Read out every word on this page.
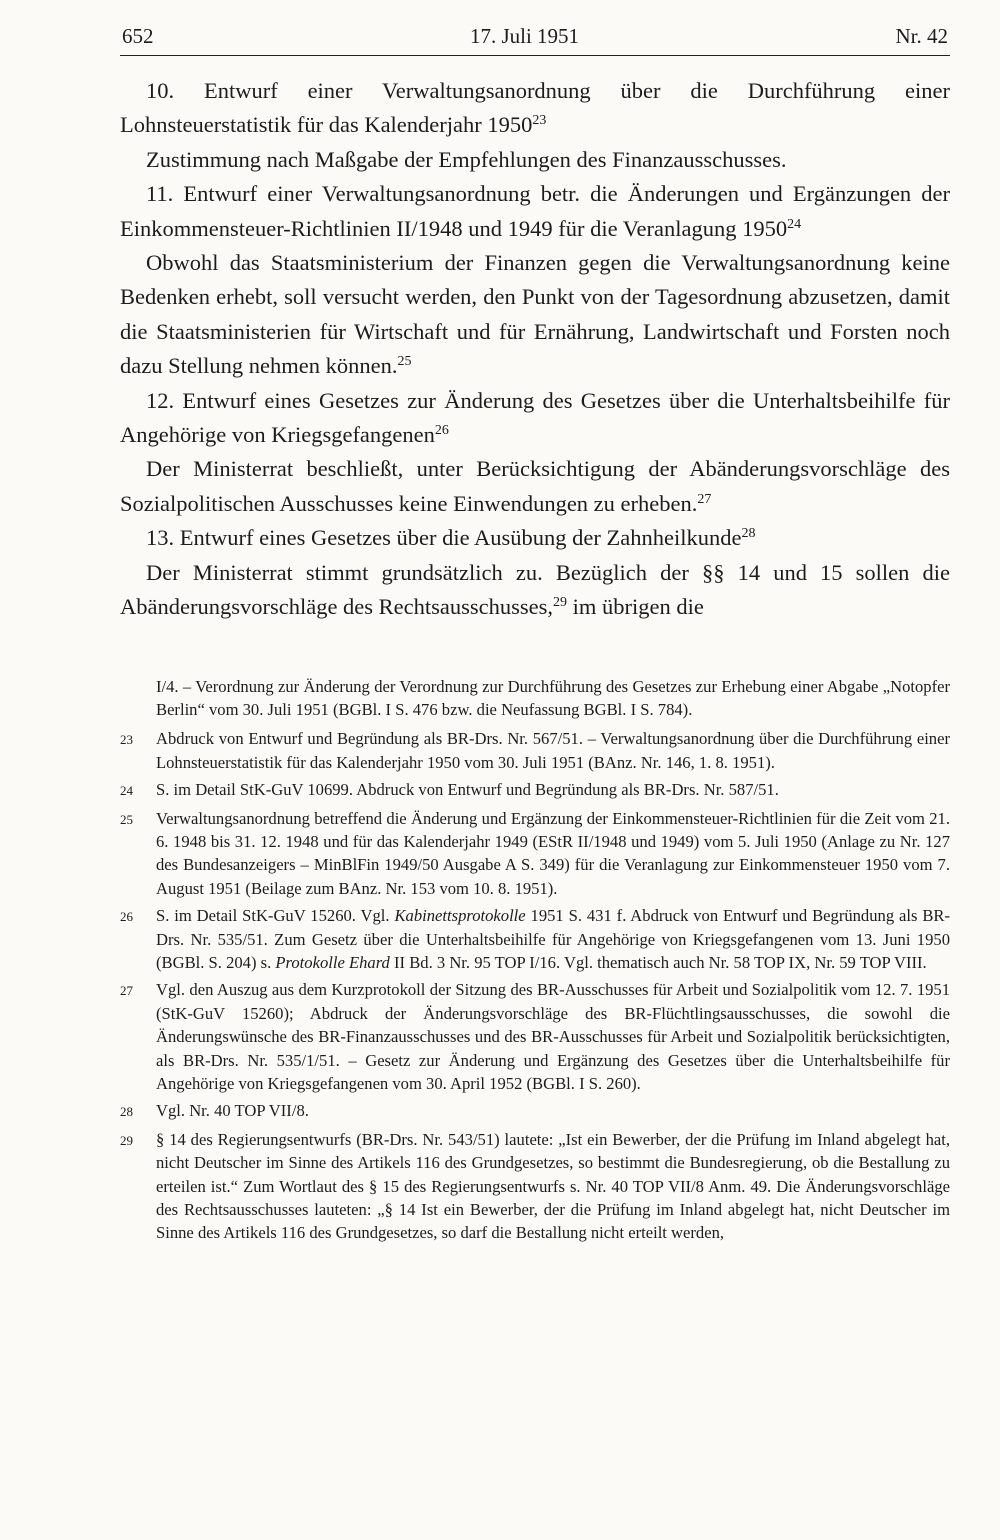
652	17. Juli 1951	Nr. 42

10. Entwurf einer Verwaltungsanordnung über die Durchführung einer Lohnsteuerstatistik für das Kalenderjahr 1950$^{23}$

Zustimmung nach Maßgabe der Empfehlungen des Finanzausschusses.

11. Entwurf einer Verwaltungsanordnung betr. die Änderungen und Ergänzungen der Einkommensteuer-Richtlinien II/1948 und 1949 für die Veranlagung 1950$^{24}$

Obwohl das Staatsministerium der Finanzen gegen die Verwaltungsanordnung keine Bedenken erhebt, soll versucht werden, den Punkt von der Tagesordnung abzusetzen, damit die Staatsministerien für Wirtschaft und für Ernährung, Landwirtschaft und Forsten noch dazu Stellung nehmen können.$^{25}$

12. Entwurf eines Gesetzes zur Änderung des Gesetzes über die Unterhaltsbeihilfe für Angehörige von Kriegsgefangenen$^{26}$

Der Ministerrat beschließt, unter Berücksichtigung der Abänderungsvorschläge des Sozialpolitischen Ausschusses keine Einwendungen zu erheben.$^{27}$

13. Entwurf eines Gesetzes über die Ausübung der Zahnheilkunde$^{28}$

Der Ministerrat stimmt grundsätzlich zu. Bezüglich der §§ 14 und 15 sollen die Abänderungsvorschläge des Rechtsausschusses,$^{29}$ im übrigen die

I/4. – Verordnung zur Änderung der Verordnung zur Durchführung des Gesetzes zur Erhebung einer Abgabe „Notopfer Berlin“ vom 30. Juli 1951 (BGBl. I S. 476 bzw. die Neufassung BGBl. I S. 784).
23	Abdruck von Entwurf und Begründung als BR-Drs. Nr. 567/51. – Verwaltungsanordnung über die Durchführung einer Lohnsteuerstatistik für das Kalenderjahr 1950 vom 30. Juli 1951 (BAnz. Nr. 146, 1. 8. 1951).
24	S. im Detail StK-GuV 10699. Abdruck von Entwurf und Begründung als BR-Drs. Nr. 587/51.
25	Verwaltungsanordnung betreffend die Änderung und Ergänzung der Einkommensteuer-Richtlinien für die Zeit vom 21. 6. 1948 bis 31. 12. 1948 und für das Kalenderjahr 1949 (EStR II/1948 und 1949) vom 5. Juli 1950 (Anlage zu Nr. 127 des Bundesanzeigers – MinBlFin 1949/50 Ausgabe A S. 349) für die Veranlagung zur Einkommensteuer 1950 vom 7. August 1951 (Beilage zum BAnz. Nr. 153 vom 10. 8. 1951).
26	S. im Detail StK-GuV 15260. Vgl. Kabinettsprotokolle 1951 S. 431 f. Abdruck von Entwurf und Begründung als BR-Drs. Nr. 535/51. Zum Gesetz über die Unterhaltsbeihilfe für Angehörige von Kriegsgefangenen vom 13. Juni 1950 (BGBl. S. 204) s. Protokolle Ehard II Bd. 3 Nr. 95 TOP I/16. Vgl. thematisch auch Nr. 58 TOP IX, Nr. 59 TOP VIII.
27	Vgl. den Auszug aus dem Kurzprotokoll der Sitzung des BR-Ausschusses für Arbeit und Sozialpolitik vom 12. 7. 1951 (StK-GuV 15260); Abdruck der Änderungsvorschläge des BR-Flüchtlingsausschusses, die sowohl die Änderungswünsche des BR-Finanzausschusses und des BR-Ausschusses für Arbeit und Sozialpolitik berücksichtigten, als BR-Drs. Nr. 535/1/51. – Gesetz zur Änderung und Ergänzung des Gesetzes über die Unterhaltsbeihilfe für Angehörige von Kriegsgefangenen vom 30. April 1952 (BGBl. I S. 260).
28	Vgl. Nr. 40 TOP VII/8.
29	§ 14 des Regierungsentwurfs (BR-Drs. Nr. 543/51) lautete: „Ist ein Bewerber, der die Prüfung im Inland abgelegt hat, nicht Deutscher im Sinne des Artikels 116 des Grundgesetzes, so bestimmt die Bundesregierung, ob die Bestallung zu erteilen ist.“ Zum Wortlaut des § 15 des Regierungsentwurfs s. Nr. 40 TOP VII/8 Anm. 49. Die Änderungsvorschläge des Rechtsausschusses lauteten: „§ 14 Ist ein Bewerber, der die Prüfung im Inland abgelegt hat, nicht Deutscher im Sinne des Artikels 116 des Grundgesetzes, so darf die Bestallung nicht erteilt werden,
